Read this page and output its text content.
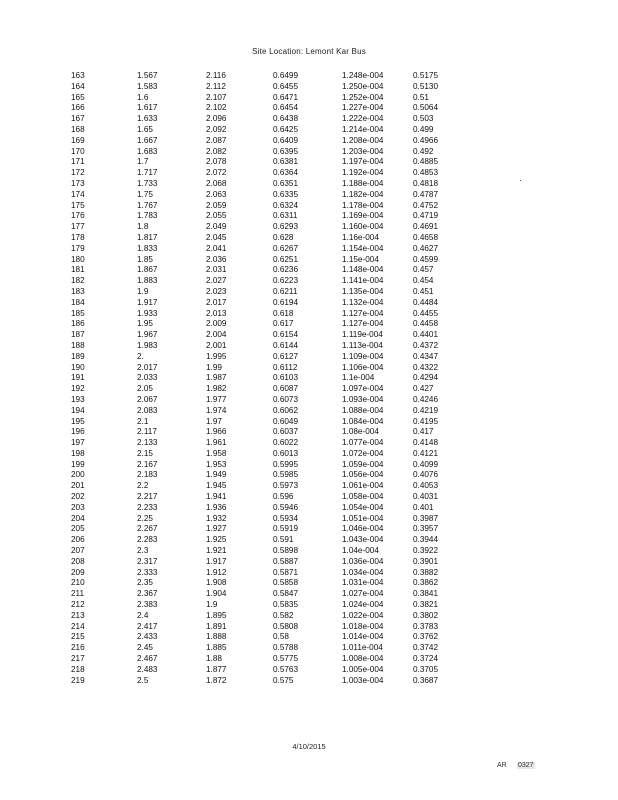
Site Location: Lemont Kar Bus
163	1.567	2.116	0.6499	1.248e-004	0.5175
164	1.583	2.112	0.6455	1.250e-004	0.5130
165	1.6	2.107	0.6471	1.252e-004	0.51
166	1.617	2.102	0.6454	1.227e-004	0.5064
167	1.633	2.096	0.6438	1.222e-004	0.503
168	1.65	2.092	0.6425	1.214e-004	0.499
169	1.667	2.087	0.6409	1.208e-004	0.4966
170	1.683	2.082	0.6395	1.203e-004	0.492
171	1.7	2.078	0.6381	1.197e-004	0.4885
172	1.717	2.072	0.6364	1.192e-004	0.4853
173	1.733	2.068	0.6351	1.188e-004	0.4818
174	1.75	2.063	0.6335	1.182e-004	0.4787
175	1.767	2.059	0.6324	1.178e-004	0.4752
176	1.783	2.055	0.6311	1.169e-004	0.4719
177	1.8	2.049	0.6293	1.160e-004	0.4691
178	1.817	2.045	0.628	1.16e-004	0.4658
179	1.833	2.041	0.6267	1.154e-004	0.4627
180	1.85	2.036	0.6251	1.15e-004	0.4599
181	1.867	2.031	0.6236	1.148e-004	0.457
182	1.883	2.027	0.6223	1.141e-004	0.454
183	1.9	2.023	0.6211	1.135e-004	0.451
184	1.917	2.017	0.6194	1.132e-004	0.4484
185	1.933	2.013	0.618	1.127e-004	0.4455
186	1.95	2.009	0.617	1.127e-004	0.4458
187	1.967	2.004	0.6154	1.119e-004	0.4401
188	1.983	2.001	0.6144	1.113e-004	0.4372
189	2.	1.995	0.6127	1.109e-004	0.4347
190	2.017	1.99	0.6112	1.106e-004	0.4322
191	2.033	1.987	0.6103	1.1e-004	0.4294
192	2.05	1.982	0.6087	1.097e-004	0.427
193	2.067	1.977	0.6073	1.093e-004	0.4246
194	2.083	1.974	0.6062	1.088e-004	0.4219
195	2.1	1.97	0.6049	1.084e-004	0.4195
196	2.117	1.966	0.6037	1.08e-004	0.417
197	2.133	1.961	0.6022	1.077e-004	0.4148
198	2.15	1.958	0.6013	1.072e-004	0.4121
199	2.167	1.953	0.5995	1.059e-004	0.4099
200	2.183	1.949	0.5985	1.056e-004	0.4076
201	2.2	1.945	0.5973	1.061e-004	0.4053
202	2.217	1.941	0.596	1.058e-004	0.4031
203	2.233	1.936	0.5946	1.054e-004	0.401
204	2.25	1.932	0.5934	1.051e-004	0.3987
205	2.267	1.927	0.5919	1.046e-004	0.3957
206	2.283	1.925	0.591	1.043e-004	0.3944
207	2.3	1.921	0.5898	1.04e-004	0.3922
208	2.317	1.917	0.5887	1.036e-004	0.3901
209	2.333	1.912	0.5871	1.034e-004	0.3882
210	2.35	1.908	0.5858	1.031e-004	0.3862
211	2.367	1.904	0.5847	1.027e-004	0.3841
212	2.383	1.9	0.5835	1.024e-004	0.3821
213	2.4	1.895	0.582	1.022e-004	0.3802
214	2.417	1.891	0.5808	1.018e-004	0.3783
215	2.433	1.888	0.58	1.014e-004	0.3762
216	2.45	1.885	0.5788	1.011e-004	0.3742
217	2.467	1.88	0.5775	1.008e-004	0.3724
218	2.483	1.877	0.5763	1.005e-004	0.3705
219	2.5	1.872	0.575	1.003e-004	0.3687
4/10/2015
AR 0327
